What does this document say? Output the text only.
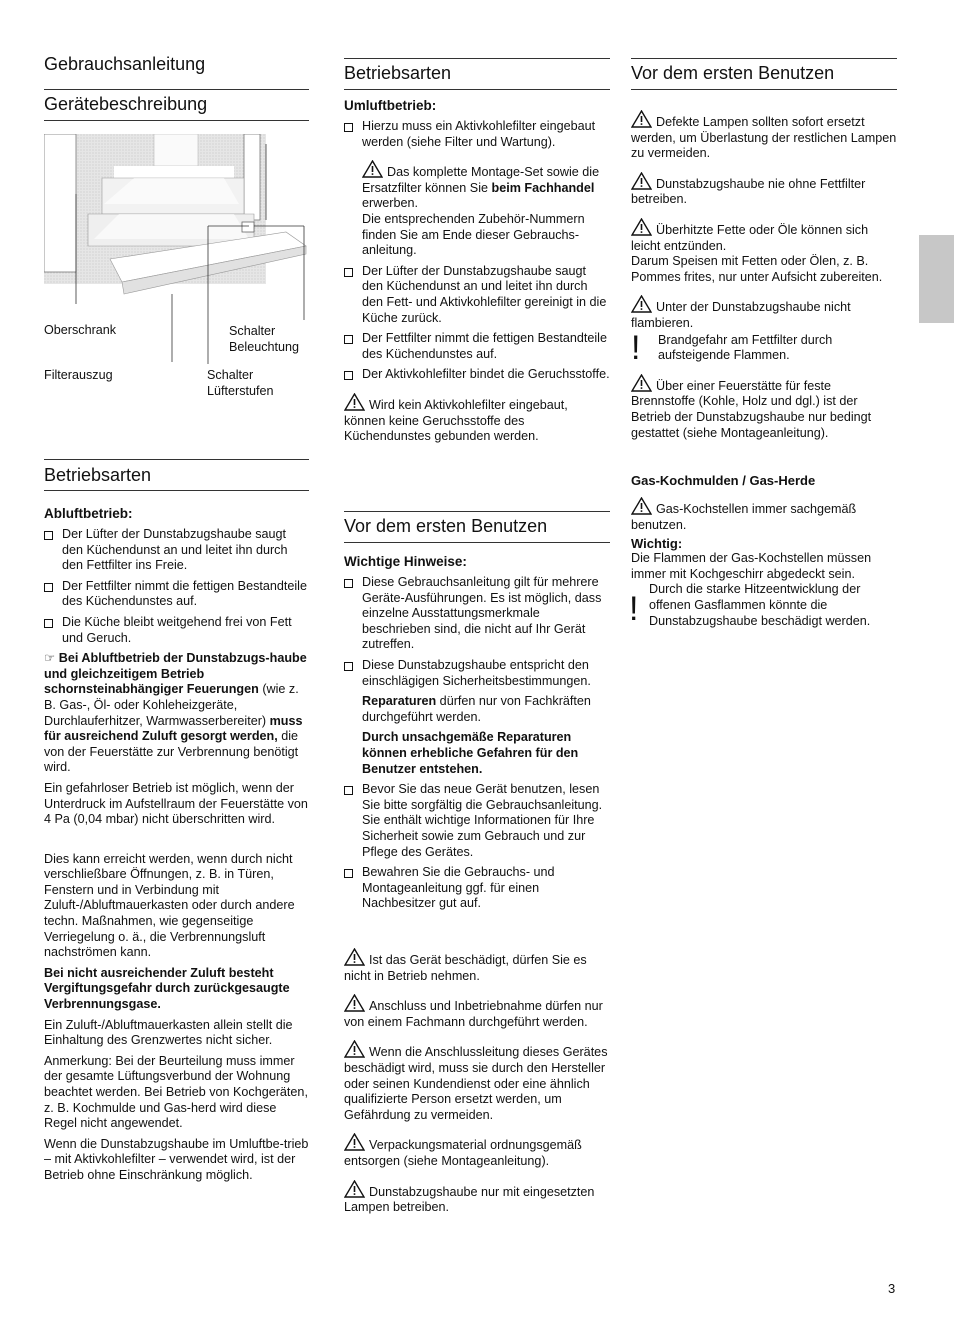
Gebrauchsanleitung
Gerätebeschreibung
Oberschrank	Schalter
Beleuchtung
Filterauszug	Schalter
Lüfterstufen
Betriebsarten

Abluftbetrieb:

Der Lüfter der Dunstabzugshaube saugt den Küchendunst an und leitet ihn durch den Fettfilter ins Freie.
Der Fettfilter nimmt die fettigen Bestandteile des Küchendunstes auf.
Die Küche bleibt weitgehend frei von Fett und Geruch.

☞ Bei Abluftbetrieb der Dunstabzugs-haube und gleichzeitigem Betrieb schornsteinabhängiger Feuerungen (wie z. B. Gas-, Öl- oder Kohleheizgeräte, Durchlauferhitzer, Warmwasserbereiter) muss für ausreichend Zuluft gesorgt werden, die von der Feuerstätte zur Verbrennung benötigt wird.

Ein gefahrloser Betrieb ist möglich, wenn der Unterdruck im Aufstellraum der Feuerstätte von 4 Pa (0,04 mbar) nicht überschritten wird.

Dies kann erreicht werden, wenn durch nicht verschließbare Öffnungen, z. B. in Türen, Fenstern und in Verbindung mit Zuluft-/Abluftmauerkasten oder durch andere techn. Maßnahmen, wie gegenseitige Verriegelung o. ä., die Verbrennungsluft nachströmen kann.

Bei nicht ausreichender Zuluft besteht Vergiftungsgefahr durch zurückgesaugte Verbrennungsgase.

Ein Zuluft-/Abluftmauerkasten allein stellt die Einhaltung des Grenzwertes nicht sicher.

Anmerkung: Bei der Beurteilung muss immer der gesamte Lüftungsverbund der Wohnung beachtet werden. Bei Betrieb von Kochgeräten, z. B. Kochmulde und Gas-herd wird diese Regel nicht angewendet.

Wenn die Dunstabzugshaube im Umluftbe-trieb – mit Aktivkohlefilter – verwendet wird, ist der Betrieb ohne Einschränkung möglich.

Betriebsarten

Umluftbetrieb:

Hierzu muss ein Aktivkohlefilter eingebaut werden (siehe Filter und Wartung).

Das komplette Montage-Set sowie die Ersatzfilter können Sie beim Fachhandel erwerben.
Die entsprechenden Zubehör-Nummern finden Sie am Ende dieser Gebrauchs-anleitung.

Der Lüfter der Dunstabzugshaube saugt den Küchendunst an und leitet ihn durch den Fett- und Aktivkohlefilter gereinigt in die Küche zurück.
Der Fettfilter nimmt die fettigen Bestandteile des Küchendunstes auf.
Der Aktivkohlefilter bindet die Geruchsstoffe.

Wird kein Aktivkohlefilter eingebaut, können keine Geruchsstoffe des Küchendunstes gebunden werden.

Vor dem ersten Benutzen

Wichtige Hinweise:

Diese Gebrauchsanleitung gilt für mehrere Geräte-Ausführungen. Es ist möglich, dass einzelne Ausstattungsmerkmale beschrieben sind, die nicht auf Ihr Gerät zutreffen.
Diese Dunstabzugshaube entspricht den einschlägigen Sicherheitsbestimmungen.

Reparaturen dürfen nur von Fachkräften durchgeführt werden.

Durch unsachgemäße Reparaturen können erhebliche Gefahren für den Benutzer entstehen.

Bevor Sie das neue Gerät benutzen, lesen Sie bitte sorgfältig die Gebrauchsanleitung. Sie enthält wichtige Informationen für Ihre Sicherheit sowie zum Gebrauch und zur Pflege des Gerätes.
Bewahren Sie die Gebrauchs- und Montageanleitung ggf. für einen Nachbesitzer gut auf.

Ist das Gerät beschädigt, dürfen Sie es nicht in Betrieb nehmen.

Anschluss und Inbetriebnahme dürfen nur von einem Fachmann durchgeführt werden.

Wenn die Anschlussleitung dieses Gerätes beschädigt wird, muss sie durch den Hersteller oder seinen Kundendienst oder eine ähnlich qualifizierte Person ersetzt werden, um Gefährdung zu vermeiden.

Verpackungsmaterial ordnungsgemäß entsorgen (siehe Montageanleitung).

Dunstabzugshaube nur mit eingesetzten Lampen betreiben.

Vor dem ersten Benutzen

Defekte Lampen sollten sofort ersetzt werden, um Überlastung der restlichen Lampen zu vermeiden.

Dunstabzugshaube nie ohne Fettfilter betreiben.

Überhitzte Fette oder Öle können sich leicht entzünden.
Darum Speisen mit Fetten oder Ölen, z. B. Pommes frites, nur unter Aufsicht zubereiten.

Unter der Dunstabzugshaube nicht flambieren.

! Brandgefahr am Fettfilter durch aufsteigende Flammen.

Über einer Feuerstätte für feste Brennstoffe (Kohle, Holz und dgl.) ist der Betrieb der Dunstabzugshaube nur bedingt gestattet (siehe Montageanleitung).

Gas-Kochmulden / Gas-Herde

Gas-Kochstellen immer sachgemäß benutzen.

Wichtig:

Die Flammen der Gas-Kochstellen müssen immer mit Kochgeschirr abgedeckt sein.

!

Durch die starke Hitzeentwicklung der offenen Gasflammen könnte die Dunstabzugshaube beschädigt werden.

3
